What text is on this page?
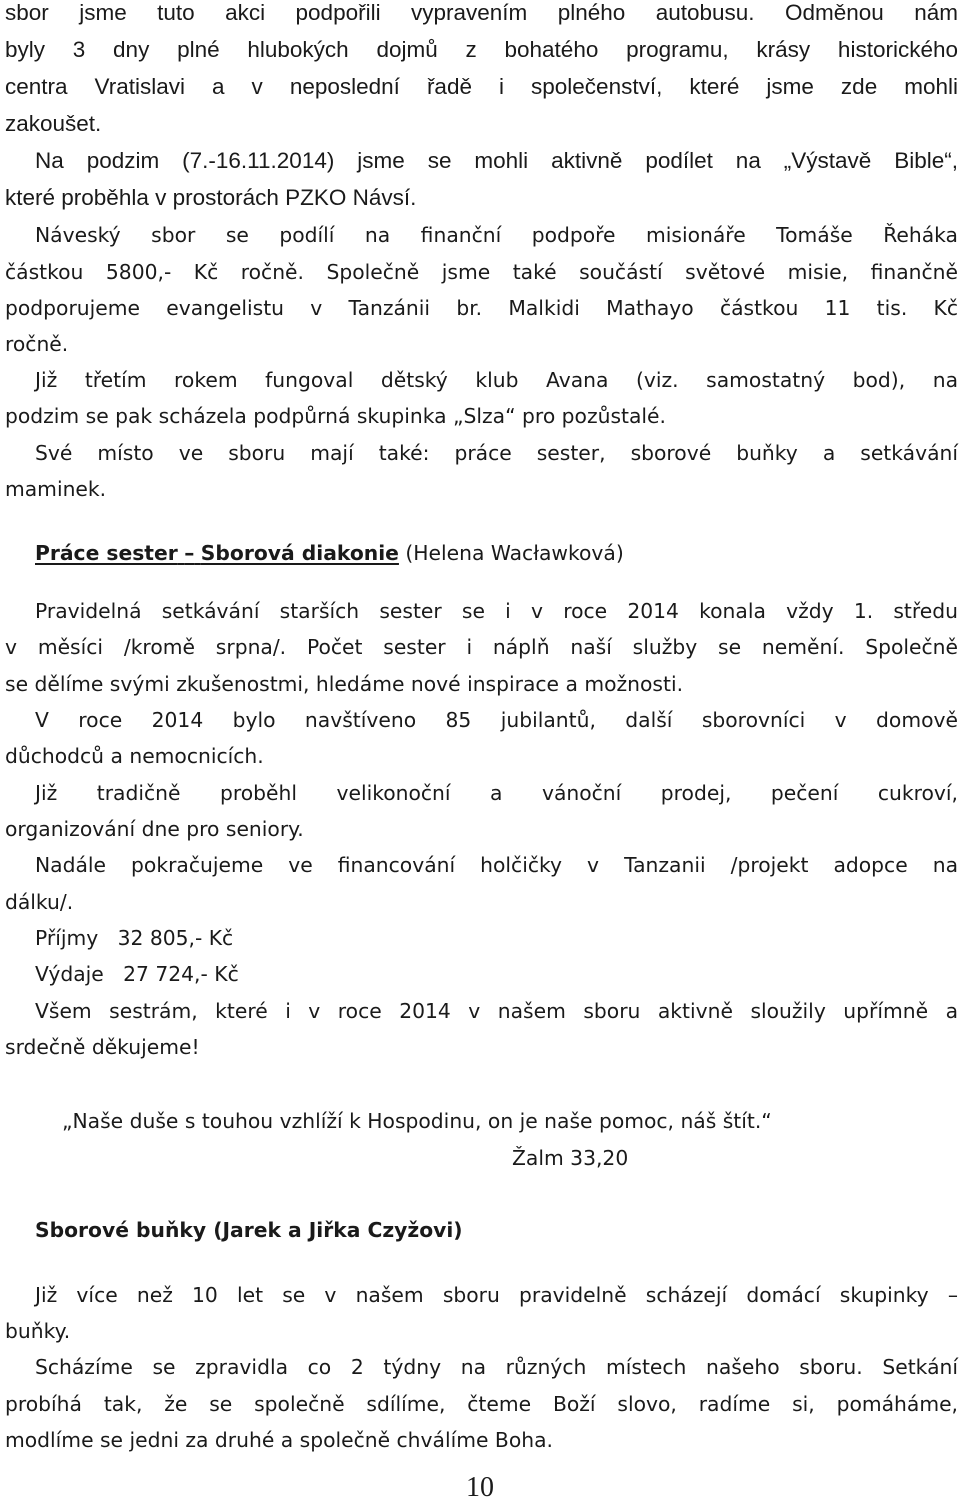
sbor jsme tuto akci podpořili vypravením plného autobusu. Odměnou nám

byly 3 dny plné hlubokých dojmů z bohatého programu, krásy historického

centra Vratislavi a v neposlední řadě i společenství, které jsme zde mohli

zakoušet.

Na podzim (7.-16.11.2014) jsme se mohli aktivně podílet na „Výstavě Bible“,

které proběhla v prostorách PZKO Návsí.

Náveský sbor se podílí na finanční podpoře misionáře Tomáše Řeháka

částkou 5800,- Kč ročně. Společně jsme také součástí světové misie, finančně

podporujeme evangelistu v Tanzánii br. Malkidi Mathayo částkou 11 tis. Kč

ročně.

Již třetím rokem fungoval dětský klub Avana (viz. samostatný bod), na

podzim se pak scházela podpůrná skupinka „Slza“ pro pozůstalé.

Své místo ve sboru mají také: práce sester, sborové buňky a setkávání

maminek.

Práce sester – Sborová diakonie (Helena Wacławková)

Pravidelná setkávání starších sester se i v roce 2014 konala vždy 1. středu

v měsíci /kromě srpna/. Počet sester i náplň naší služby se nemění. Společně

se dělíme svými zkušenostmi, hledáme nové inspirace a možnosti.

V roce 2014 bylo navštíveno 85 jubilantů, další sborovníci v domově

důchodců a nemocnicích.

Již tradičně proběhl velikonoční a vánoční prodej, pečení cukroví,

organizování dne pro seniory.

Nadále pokračujeme ve financování holčičky v Tanzanii /projekt adopce na

dálku/.

Příjmy   32 805,- Kč

Výdaje   27 724,- Kč

Všem sestrám, které i v roce 2014 v našem sboru aktivně sloužily upřímně a

srdečně děkujeme!

„Naše duše s touhou vzhlíží k Hospodinu, on je naše pomoc, náš štít.“

Žalm 33,20

Sborové buňky (Jarek a Jiřka Czyžovi)

Již více než 10 let se v našem sboru pravidelně scházejí domácí skupinky –

buňky.

Scházíme se zpravidla co 2 týdny na různých místech našeho sboru. Setkání

probíhá tak, že se společně sdílíme, čteme Boží slovo, radíme si, pomáháme,

modlíme se jedni za druhé a společně chválíme Boha.

10
